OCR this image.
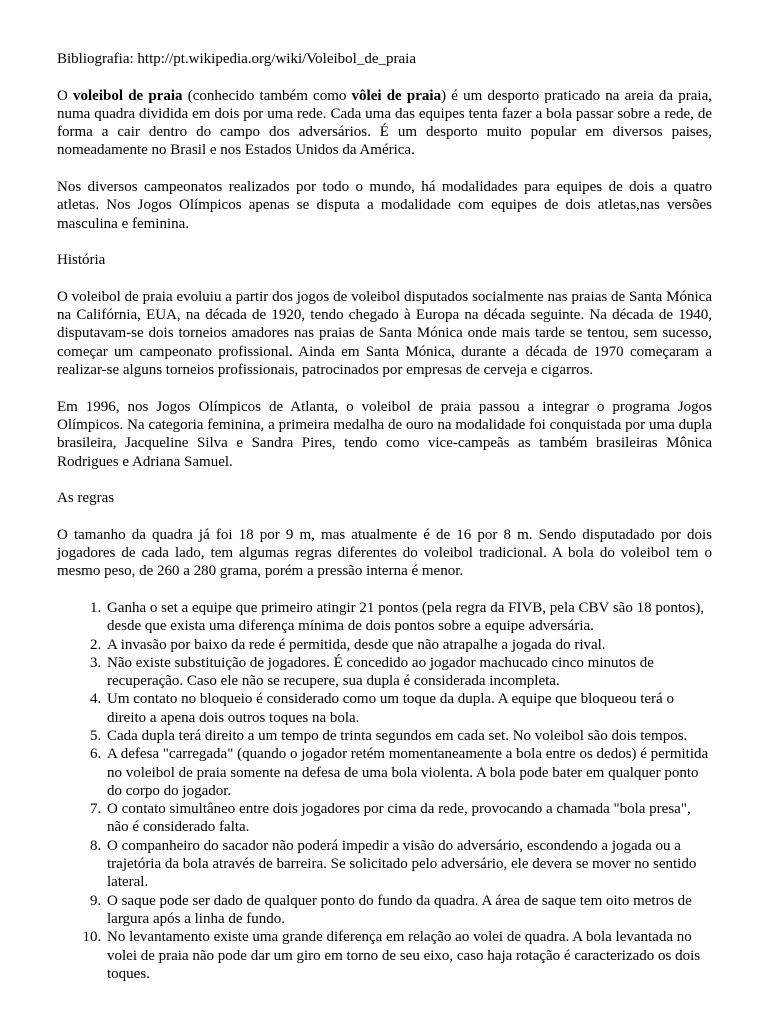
Bibliografia: http://pt.wikipedia.org/wiki/Voleibol_de_praia

O voleibol de praia (conhecido também como vôlei de praia) é um desporto praticado na areia da praia, numa quadra dividida em dois por uma rede. Cada uma das equipes tenta fazer a bola passar sobre a rede, de forma a cair dentro do campo dos adversários. É um desporto muito popular em diversos paises, nomeadamente no Brasil e nos Estados Unidos da América.

Nos diversos campeonatos realizados por todo o mundo, há modalidades para equipes de dois a quatro atletas. Nos Jogos Olímpicos apenas se disputa a modalidade com equipes de dois atletas,nas versões masculina e feminina.

História

O voleibol de praia evoluiu a partir dos jogos de voleibol disputados socialmente nas praias de Santa Mónica na Califórnia, EUA, na década de 1920, tendo chegado à Europa na década seguinte. Na década de 1940, disputavam-se dois torneios amadores nas praias de Santa Mónica onde mais tarde se tentou, sem sucesso, começar um campeonato profissional. Ainda em Santa Mónica, durante a década de 1970 começaram a realizar-se alguns torneios profissionais, patrocinados por empresas de cerveja e cigarros.

Em 1996, nos Jogos Olímpicos de Atlanta, o voleibol de praia passou a integrar o programa Jogos Olímpicos. Na categoria feminina, a primeira medalha de ouro na modalidade foi conquistada por uma dupla brasileira, Jacqueline Silva e Sandra Pires, tendo como vice-campeãs as também brasileiras Mônica Rodrigues e Adriana Samuel.

As regras

O tamanho da quadra já foi 18 por 9 m, mas atualmente é de 16 por 8 m. Sendo disputadado por dois jogadores de cada lado, tem algumas regras diferentes do voleibol tradicional. A bola do voleibol tem o mesmo peso, de 260 a 280 grama, porém a pressão interna é menor.

1. Ganha o set a equipe que primeiro atingir 21 pontos (pela regra da FIVB, pela CBV são 18 pontos), desde que exista uma diferença mínima de dois pontos sobre a equipe adversária.
2. A invasão por baixo da rede é permitida, desde que não atrapalhe a jogada do rival.
3. Não existe substituição de jogadores. É concedido ao jogador machucado cinco minutos de recuperação. Caso ele não se recupere, sua dupla é considerada incompleta.
4. Um contato no bloqueio é considerado como um toque da dupla. A equipe que bloqueou terá o direito a apena dois outros toques na bola.
5. Cada dupla terá direito a um tempo de trinta segundos em cada set. No voleibol são dois tempos.
6. A defesa "carregada" (quando o jogador retém momentaneamente a bola entre os dedos) é permitida no voleibol de praia somente na defesa de uma bola violenta. A bola pode bater em qualquer ponto do corpo do jogador.
7. O contato simultâneo entre dois jogadores por cima da rede, provocando a chamada "bola presa", não é considerado falta.
8. O companheiro do sacador não poderá impedir a visão do adversário, escondendo a jogada ou a trajetória da bola através de barreira. Se solicitado pelo adversário, ele devera se mover no sentido lateral.
9. O saque pode ser dado de qualquer ponto do fundo da quadra. A área de saque tem oito metros de largura após a linha de fundo.
10. No levantamento existe uma grande diferença em relação ao volei de quadra. A bola levantada no volei de praia não pode dar um giro em torno de seu eixo, caso haja rotação é caracterizado os dois toques.
